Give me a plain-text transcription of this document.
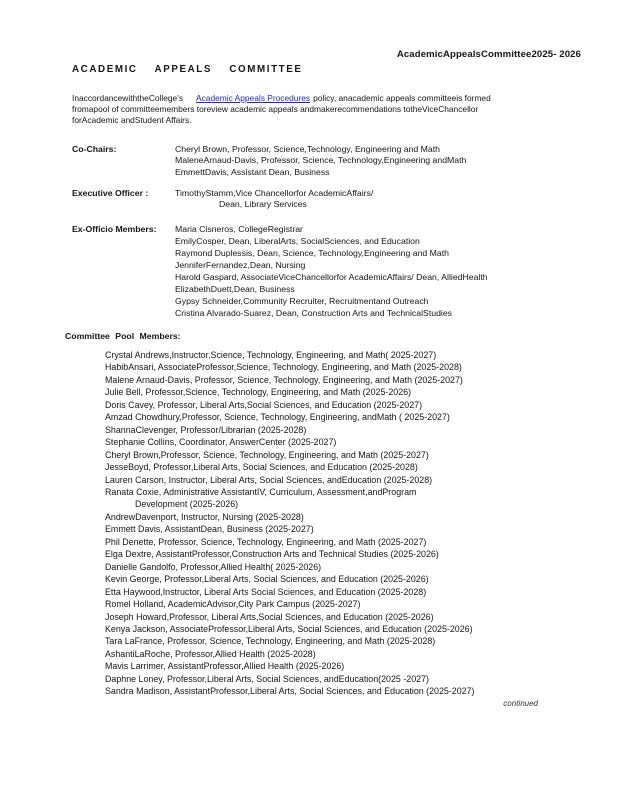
AcademicAppealsCommittee2025- 2026
ACADEMIC APPEALS COMMITTEE
InaccordancewiththeCollege's Academic Appeals Procedures policy, anacademic appeals committeeis formed
fromapool of committeemembers toreview academic appeals andmakerecommendations totheViceChancellor
forAcademic andStudent Affairs.
Co-Chairs:	Cheryl Brown, Professor, Science,Technology, Engineering and Math
MaleneArnaud-Davis, Professor, Science, Technology,Engineering andMath
EmmettDavis, Assistant Dean, Business
Executive Officer :	TimothyStamm,Vice Chancellorfor AcademicAffairs/
Dean, Library Services
Ex-Officio Members:	Maria Cisneros, CollegeRegistrar
EmilyCosper, Dean, LiberalArts, SocialSciences, and Education
Raymond Duplessis, Dean, Science, Technology,Engineering and Math
JenniferFernandez,Dean, Nursing
Harold Gaspard, AssociateViceChancellorfor AcademicAffairs/ Dean, AlliedHealth
ElizabethDuett,Dean, Business
Gypsy Schneider,Community Recruiter, Recruitmentand Outreach
Cristina Alvarado-Suarez, Dean, Construction Arts and TechnicalStudies
Committee Pool Members:
Crystal Andrews,Instructor,Science, Technology, Engineering, and Math( 2025-2027)
HabibAnsari, AssociateProfessor,Science, Technology, Engineering, and Math (2025-2028)
Malene Arnaud-Davis, Professor, Science, Technology, Engineering, and Math (2025-2027)
Julie Bell, Professor,Science, Technology, Engineering, and Math (2025-2026)
Doris Cavey, Professor, Liberal Arts,Social Sciences, and Education (2025-2027)
Amzad Chowdhury,Professor, Science, Technology, Engineering, andMath ( 2025-2027)
ShannaClevenger, Professor/Librarian (2025-2028)
Stephanie Collins, Coordinator, AnswerCenter (2025-2027)
Cheryl Brown,Professor, Science, Technology, Engineering, and Math (2025-2027)
JesseBoyd, Professor,Liberal Arts, Social Sciences, and Education (2025-2028)
Lauren Carson, Instructor, Liberal Arts, Social Sciences, andEducation (2025-2028)
Ranata Coxie, Administrative AssistantIV, Curriculum, Assessment,andProgram
Development (2025-2026)
AndrewDavenport, Instructor, Nursing (2025-2028)
Emmett Davis, AssistantDean, Business (2025-2027)
Phil Denette, Professor, Science, Technology, Engineering, and Math (2025-2027)
Elga Dextre, AssistantProfessor,Construction Arts and Technical Studies (2025-2026)
Danielle Gandolfo, Professor,Allied Health( 2025-2026)
Kevin George, Professor,Liberal Arts, Social Sciences, and Education (2025-2026)
Etta Haywood,Instructor, Liberal Arts Social Sciences, and Education (2025-2028)
Romel Holland, AcademicAdvisor,City Park Campus (2025-2027)
Joseph Howard,Professor, Liberal Arts,Social Sciences, and Education (2025-2026)
Kenya Jackson, AssociateProfessor,Liberal Arts, Social Sciences, and Education (2025-2026)
Tara LaFrance, Professor, Science, Technology, Engineering, and Math (2025-2028)
AshantiLaRoche, Professor,Allied Health (2025-2028)
Mavis Larrimer, AssistantProfessor,Allied Health (2025-2026)
Daphne Loney, Professor,Liberal Arts, Social Sciences, andEducation(2025 -2027)
Sandra Madison, AssistantProfessor,Liberal Arts, Social Sciences, and Education (2025-2027)
continued
